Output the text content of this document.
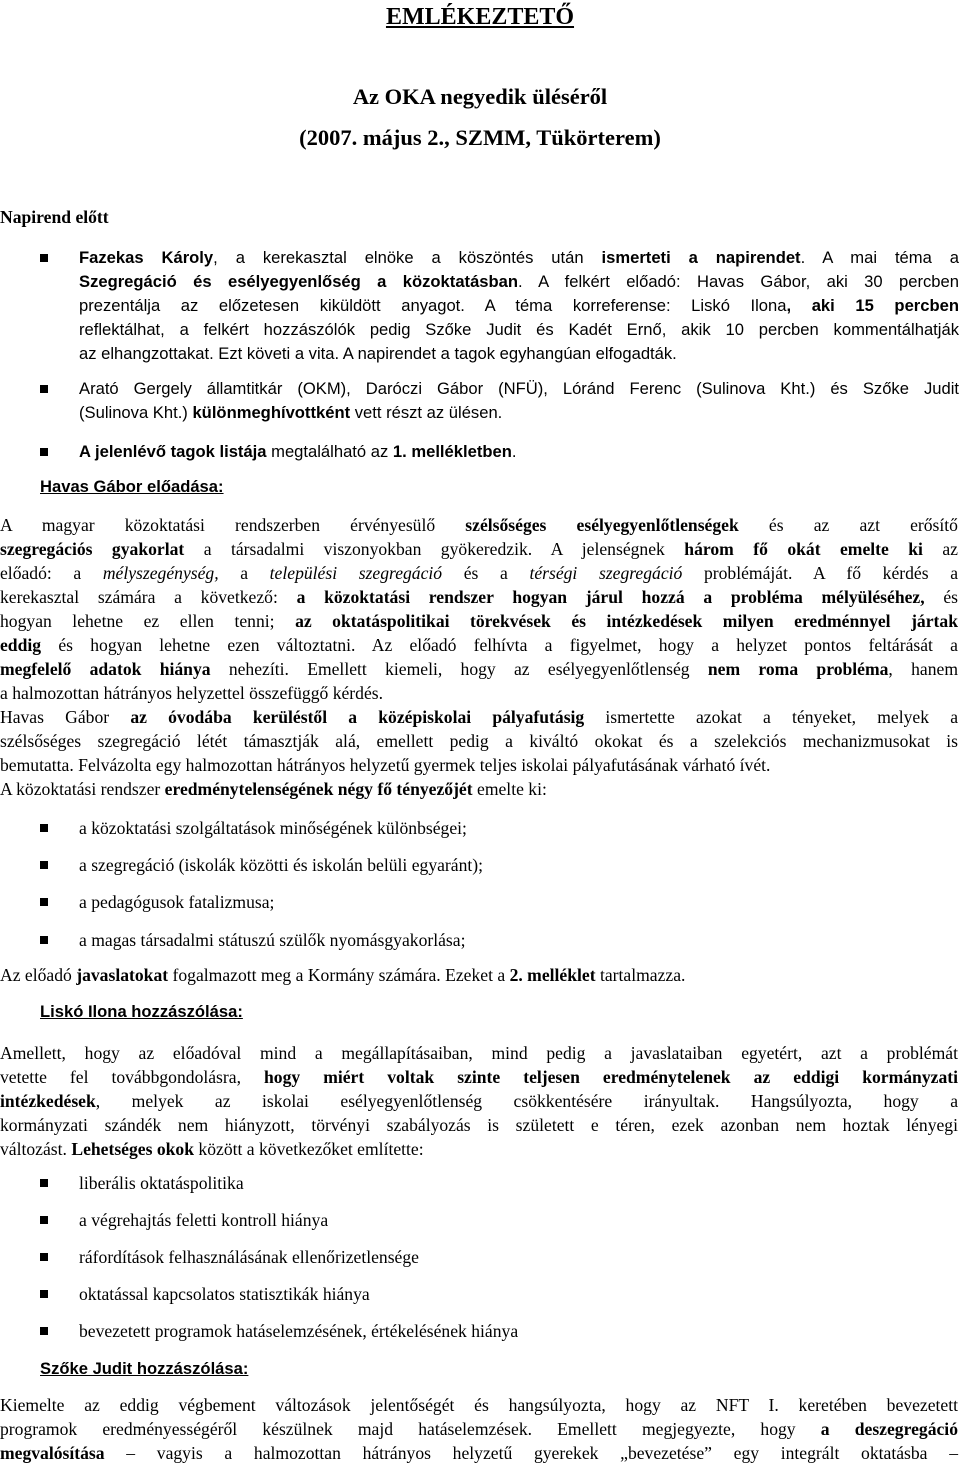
EMLÉKEZTETŐ
Az OKA negyedik üléséről
(2007. május 2., SZMM, Tükörterem)
Napirend előtt
Fazekas Károly, a kerekasztal elnöke a köszöntés után ismerteti a napirendet. A mai téma a
Szegregáció és esélyegyenlőség a közoktatásban. A felkért előadó: Havas Gábor, aki 30 percben
prezentálja az előzetesen kiküldött anyagot. A téma korreferense: Liskó Ilona, aki 15 percben
reflektálhat, a felkért hozzászólók pedig Szőke Judit és Kadét Ernő, akik 10 percben kommentálhatják
az elhangzottakat. Ezt követi a vita. A napirendet a tagok egyhangúan elfogadták.
Arató Gergely államtitkár (OKM), Daróczi Gábor (NFÜ), Lóránd Ferenc (Sulinova Kht.) és Szőke Judit
(Sulinova Kht.) különmeghívottként vett részt az ülésen.
A jelenlévő tagok listája megtalálható az 1. mellékletben.
Havas Gábor előadása:
A magyar közoktatási rendszerben érvényesülő szélsőséges esélyegyenlőtlenségek és az azt erősítő
szegregációs gyakorlat a társadalmi viszonyokban gyökeredzik. A jelenségnek három fő okát emelte ki az
előadó: a mélyszegénység, a települési szegregáció és a térségi szegregáció problémáját. A fő kérdés a
kerekasztal számára a következő: a közoktatási rendszer hogyan járul hozzá a probléma mélyüléséhez, és
hogyan lehetne ez ellen tenni; az oktatáspolitikai törekvések és intézkedések milyen eredménnyel jártak
eddig és hogyan lehetne ezen változtatni. Az előadó felhívta a figyelmet, hogy a helyzet pontos feltárását a
megfelelő adatok hiánya nehezíti. Emellett kiemeli, hogy az esélyegyenlőtlenség nem roma probléma, hanem
a halmozottan hátrányos helyzettel összefüggő kérdés.
Havas Gábor az óvodába kerüléstől a középiskolai pályafutásig ismertette azokat a tényeket, melyek a
szélsőséges szegregáció létét támasztják alá, emellett pedig a kiváltó okokat és a szelekciós mechanizmusokat is
bemutatta. Felvázolta egy halmozottan hátrányos helyzetű gyermek teljes iskolai pályafutásának várható ívét.
A közoktatási rendszer eredménytelenségének négy fő tényezőjét emelte ki:
a közoktatási szolgáltatások minőségének különbségei;
a szegregáció (iskolák közötti és iskolán belüli egyaránt);
a pedagógusok fatalizmusa;
a magas társadalmi státuszú szülők nyomásgyakorlása;
Az előadó javaslatokat fogalmazott meg a Kormány számára. Ezeket a 2. melléklet tartalmazza.
Liskó Ilona hozzászólása:
Amellett, hogy az előadóval mind a megállapításaiban, mind pedig a javaslataiban egyetért, azt a problémát
vetette fel továbbgondolásra, hogy miért voltak szinte teljesen eredménytelenek az eddigi kormányzati
intézkedések, melyek az iskolai esélyegyenlőtlenség csökkentésére irányultak. Hangsúlyozta, hogy a
kormányzati szándék nem hiányzott, törvényi szabályozás is született e téren, ezek azonban nem hoztak lényegi
változást. Lehetséges okok között a következőket említette:
liberális oktatáspolitika
a végrehajtás feletti kontroll hiánya
ráfordítások felhasználásának ellenőrizetlensége
oktatással kapcsolatos statisztikák hiánya
bevezetett programok hatáselemzésének, értékelésének hiánya
Szőke Judit hozzászólása:
Kiemelte az eddig végbement változások jelentőségét és hangsúlyozta, hogy az NFT I. keretében bevezetett
programok eredményességéről készülnek majd hatáselemzések. Emellett megjegyezte, hogy a deszegregáció
megvalósítása – vagyis a halmozottan hátrányos helyzetű gyerekek „bevezetése” egy integrált oktatásba –
